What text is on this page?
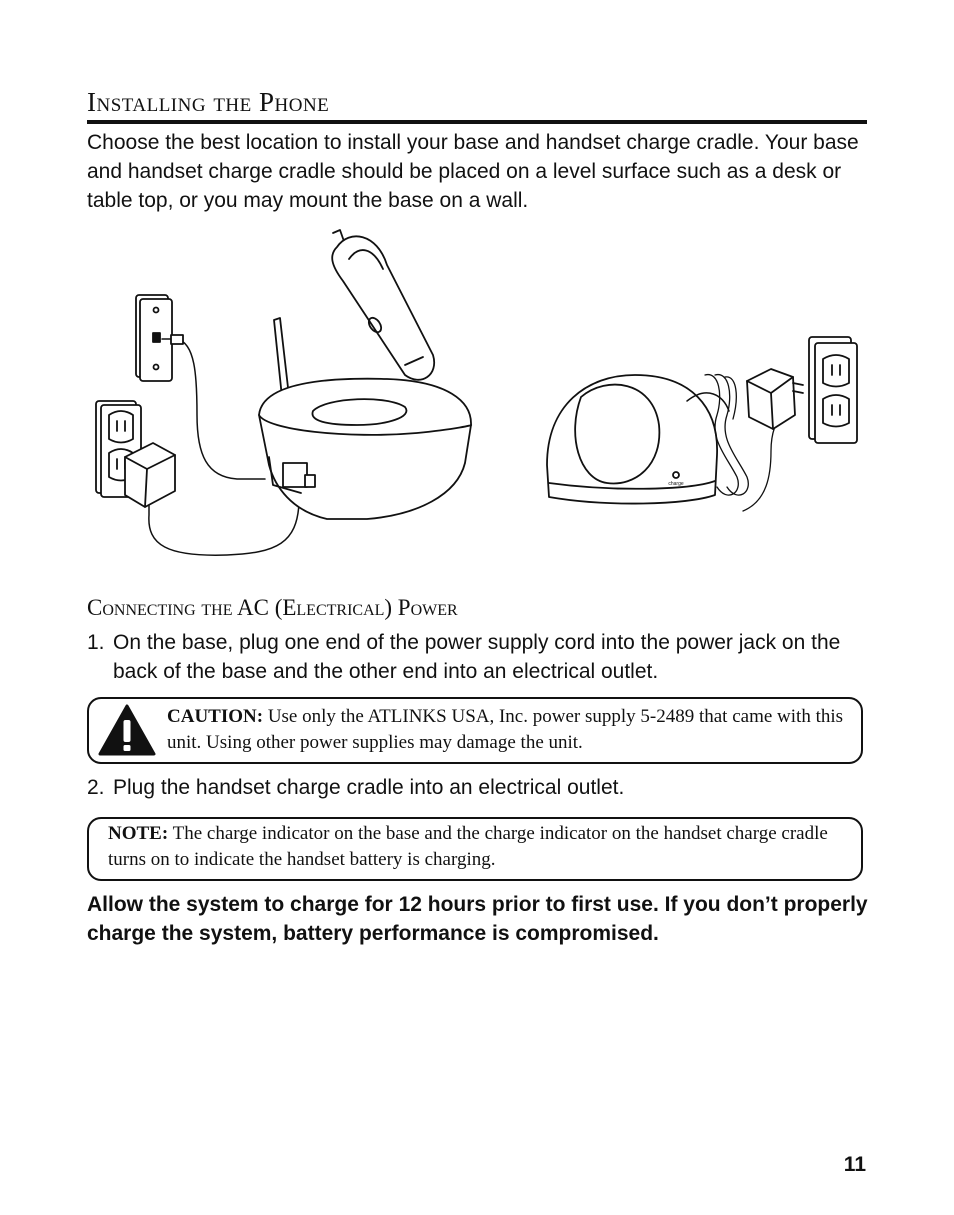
Installing the Phone

Choose the best location to install your base and handset charge cradle. Your base and handset charge cradle should be placed on a level surface such as a desk or table top, or you may mount the base on a wall.

charge
Connecting the AC (Electrical) Power
1. On the base, plug one end of the power supply cord into the power jack on the back of the base and the other end into an electrical outlet.
CAUTION: Use only the ATLINKS USA, Inc. power supply 5-2489 that came with this unit. Using other power supplies may damage the unit.
2. Plug the handset charge cradle into an electrical outlet.
NOTE: The charge indicator on the base and the charge indicator on the handset charge cradle turns on to indicate the handset battery is charging.
Allow the system to charge for 12 hours prior to first use. If you don’t properly charge the system, battery performance is compromised.
11
